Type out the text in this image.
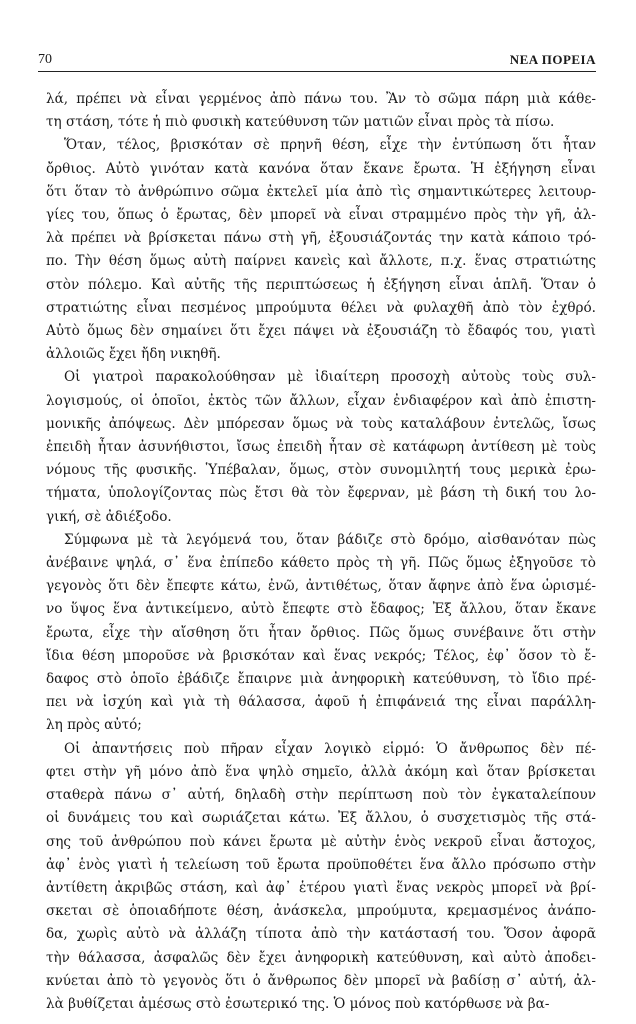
70	ΝΕΑ ΠΟΡΕΙΑ

λά, πρέπει νὰ εἶναι γερμένος ἀπὸ πάνω του. Ἂν τὸ σῶμα πάρη μιὰ κάθε-
τη στάση, τότε ἡ πιὸ φυσικὴ κατεύθυνση τῶν ματιῶν εἶναι πρὸς τὰ πίσω.

Ὅταν, τέλος, βρισκόταν σὲ πρηνῆ θέση, εἶχε τὴν ἐντύπωση ὅτι ἦταν
ὄρθιος. Αὐτὸ γινόταν κατὰ κανόνα ὅταν ἔκανε ἔρωτα. Ἡ ἐξήγηση εἶναι
ὅτι ὅταν τὸ ἀνθρώπινο σῶμα ἐκτελεῖ μία ἀπὸ τὶς σημαντικώτερες λειτουρ-
γίες του, ὅπως ὁ ἔρωτας, δὲν μπορεῖ νὰ εἶναι στραμμένο πρὸς τὴν γῆ, ἀλ-
λὰ πρέπει νὰ βρίσκεται πάνω στὴ γῆ, ἐξουσιάζοντάς την κατὰ κάποιο τρό-
πο. Τὴν θέση ὅμως αὐτὴ παίρνει κανεὶς καὶ ἄλλοτε, π.χ. ἕνας στρατιώτης
στὸν πόλεμο. Καὶ αὐτῆς τῆς περιπτώσεως ἡ ἐξήγηση εἶναι ἁπλῆ. Ὅταν ὁ
στρατιώτης εἶναι πεσμένος μπρούμυτα θέλει νὰ φυλαχθῆ ἀπὸ τὸν ἐχθρό.
Αὐτὸ ὅμως δὲν σημαίνει ὅτι ἔχει πάψει νὰ ἐξουσιάζη τὸ ἔδαφός του, γιατὶ
ἀλλοιῶς ἔχει ἤδη νικηθῆ.

Οἱ γιατροὶ παρακολούθησαν μὲ ἰδιαίτερη προσοχὴ αὐτοὺς τοὺς συλ-
λογισμούς, οἱ ὁποῖοι, ἐκτὸς τῶν ἄλλων, εἶχαν ἐνδιαφέρον καὶ ἀπὸ ἐπιστη-
μονικῆς ἀπόψεως. Δὲν μπόρεσαν ὅμως νὰ τοὺς καταλάβουν ἐντελῶς, ἴσως
ἐπειδὴ ἦταν ἀσυνήθιστοι, ἴσως ἐπειδὴ ἦταν σὲ κατάφωρη ἀντίθεση μὲ τοὺς
νόμους τῆς φυσικῆς. Ὑπέβαλαν, ὅμως, στὸν συνομιλητή τους μερικὰ ἐρω-
τήματα, ὑπολογίζοντας πὼς ἔτσι θὰ τὸν ἔφερναν, μὲ βάση τὴ δική του λο-
γική, σὲ ἀδιέξοδο.

Σύμφωνα μὲ τὰ λεγόμενά του, ὅταν βάδιζε στὸ δρόμο, αἰσθανόταν πὼς
ἀνέβαινε ψηλά, σ᾿ ἕνα ἐπίπεδο κάθετο πρὸς τὴ γῆ. Πῶς ὅμως ἐξηγοῦσε τὸ
γεγονὸς ὅτι δὲν ἔπεφτε κάτω, ἐνῶ, ἀντιθέτως, ὅταν ἄφηνε ἀπὸ ἕνα ὡρισμέ-
νο ὕψος ἕνα ἀντικείμενο, αὐτὸ ἔπεφτε στὸ ἔδαφος; Ἐξ ἄλλου, ὅταν ἔκανε
ἔρωτα, εἶχε τὴν αἴσθηση ὅτι ἦταν ὄρθιος. Πῶς ὅμως συνέβαινε ὅτι στὴν
ἴδια θέση μποροῦσε νὰ βρισκόταν καὶ ἕνας νεκρός; Τέλος, ἐφ᾿ ὅσον τὸ ἔ-
δαφος στὸ ὁποῖο ἐβάδιζε ἔπαιρνε μιὰ ἀνηφορικὴ κατεύθυνση, τὸ ἴδιο πρέ-
πει νὰ ἰσχύη καὶ γιὰ τὴ θάλασσα, ἀφοῦ ἡ ἐπιφάνειά της εἶναι παράλλη-
λη πρὸς αὐτό;

Οἱ ἀπαντήσεις ποὺ πῆραν εἶχαν λογικὸ εἱρμό: Ὁ ἄνθρωπος δὲν πέ-
φτει στὴν γῆ μόνο ἀπὸ ἕνα ψηλὸ σημεῖο, ἀλλὰ ἀκόμη καὶ ὅταν βρίσκεται
σταθερὰ πάνω σ᾿ αὐτή, δηλαδὴ στὴν περίπτωση ποὺ τὸν ἐγκαταλείπουν
οἱ δυνάμεις του καὶ σωριάζεται κάτω. Ἐξ ἄλλου, ὁ συσχετισμὸς τῆς στά-
σης τοῦ ἀνθρώπου ποὺ κάνει ἔρωτα μὲ αὐτὴν ἑνὸς νεκροῦ εἶναι ἄστοχος,
ἀφ᾿ ἑνὸς γιατὶ ἡ τελείωση τοῦ ἔρωτα προϋποθέτει ἕνα ἄλλο πρόσωπο στὴν
ἀντίθετη ἀκριβῶς στάση, καὶ ἀφ᾿ ἑτέρου γιατὶ ἕνας νεκρὸς μπορεῖ νὰ βρί-
σκεται σὲ ὁποιαδήποτε θέση, ἀνάσκελα, μπρούμυτα, κρεμασμένος ἀνάπο-
δα, χωρὶς αὐτὸ νὰ ἀλλάζη τίποτα ἀπὸ τὴν κατάστασή του. Ὅσον ἀφορᾶ
τὴν θάλασσα, ἀσφαλῶς δὲν ἔχει ἀνηφορικὴ κατεύθυνση, καὶ αὐτὸ ἀποδει-
κνύεται ἀπὸ τὸ γεγονὸς ὅτι ὁ ἄνθρωπος δὲν μπορεῖ νὰ βαδίσῃ σ᾿ αὐτή, ἀλ-
λὰ βυθίζεται ἀμέσως στὸ ἐσωτερικό της. Ὁ μόνος ποὺ κατόρθωσε νὰ βα-
